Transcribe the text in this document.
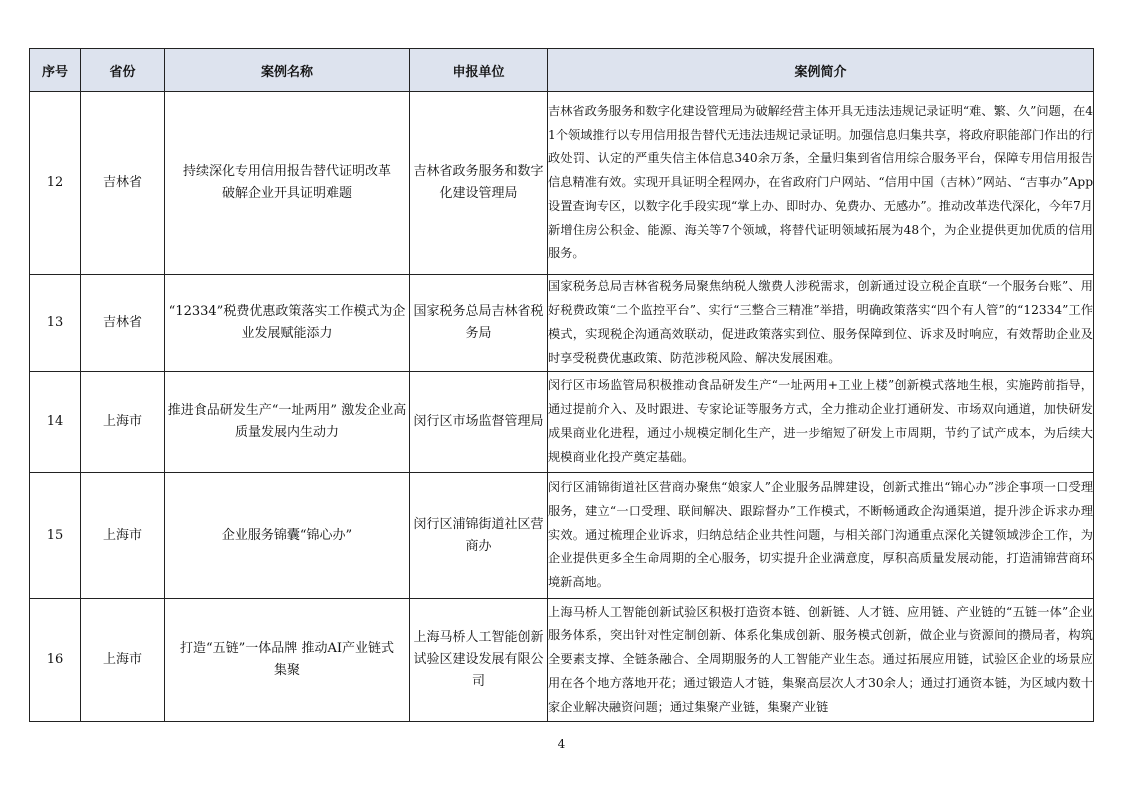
序号	省份	案例名称	申报单位	案例简介
12	吉林省	持续深化专用信用报告替代证明改革破解企业开具证明难题	吉林省政务服务和数字化建设管理局	吉林省政务服务和数字化建设管理局为破解经营主体开具无违法违规记录证明“难、繁、久”问题，在41个领域推行以专用信用报告替代无违法违规记录证明。加强信息归集共享，将政府职能部门作出的行政处罚、认定的严重失信主体信息340余万条，全量归集到省信用综合服务平台，保障专用信用报告信息精准有效。实现开具证明全程网办，在省政府门户网站、“信用中国（吉林）”网站、“吉事办”App设置查询专区，以数字化手段实现“掌上办、即时办、免费办、无感办”。推动改革迭代深化，今年7月新增住房公积金、能源、海关等7个领域，将替代证明领域拓展为48个，为企业提供更加优质的信用服务。
13	吉林省	“12334”税费优惠政策落实工作模式为企业发展赋能添力	国家税务总局吉林省税务局	国家税务总局吉林省税务局聚焦纳税人缴费人涉税需求，创新通过设立税企直联“一个服务台账”、用好税费政策“二个监控平台”、实行“三整合三精准”举措，明确政策落实“四个有人管”的“12334”工作模式，实现税企沟通高效联动，促进政策落实到位、服务保障到位、诉求及时响应，有效帮助企业及时享受税费优惠政策、防范涉税风险、解决发展困难。
14	上海市	推进食品研发生产“一址两用” 激发企业高质量发展内生动力	闵行区市场监督管理局	闵行区市场监管局积极推动食品研发生产“一址两用+工业上楼”创新模式落地生根，实施跨前指导，通过提前介入、及时跟进、专家论证等服务方式，全力推动企业打通研发、市场双向通道，加快研发成果商业化进程，通过小规模定制化生产，进一步缩短了研发上市周期，节约了试产成本，为后续大规模商业化投产奠定基础。
15	上海市	企业服务锦囊“锦心办”	闵行区浦锦街道社区营商办	闵行区浦锦街道社区营商办聚焦“娘家人”企业服务品牌建设，创新式推出“锦心办”涉企事项一口受理服务，建立“一口受理、联间解决、跟踪督办”工作模式，不断畅通政企沟通渠道，提升涉企诉求办理实效。通过梳理企业诉求，归纳总结企业共性问题，与相关部门沟通重点深化关键领域涉企工作，为企业提供更多全生命周期的全心服务，切实提升企业满意度，厚积高质量发展动能，打造浦锦营商环境新高地。
16	上海市	打造“五链”一体品牌 推动AI产业链式集聚	上海马桥人工智能创新试验区建设发展有限公司	上海马桥人工智能创新试验区积极打造资本链、创新链、人才链、应用链、产业链的“五链一体”企业服务体系，突出针对性定制创新、体系化集成创新、服务模式创新，做企业与资源间的攒局者，构筑全要素支撑、全链条融合、全周期服务的人工智能产业生态。通过拓展应用链，试验区企业的场景应用在各个地方落地开花；通过锻造人才链，集聚高层次人才30余人；通过打通资本链，为区域内数十家企业解决融资问题；通过集聚产业链，集聚产业链
4
